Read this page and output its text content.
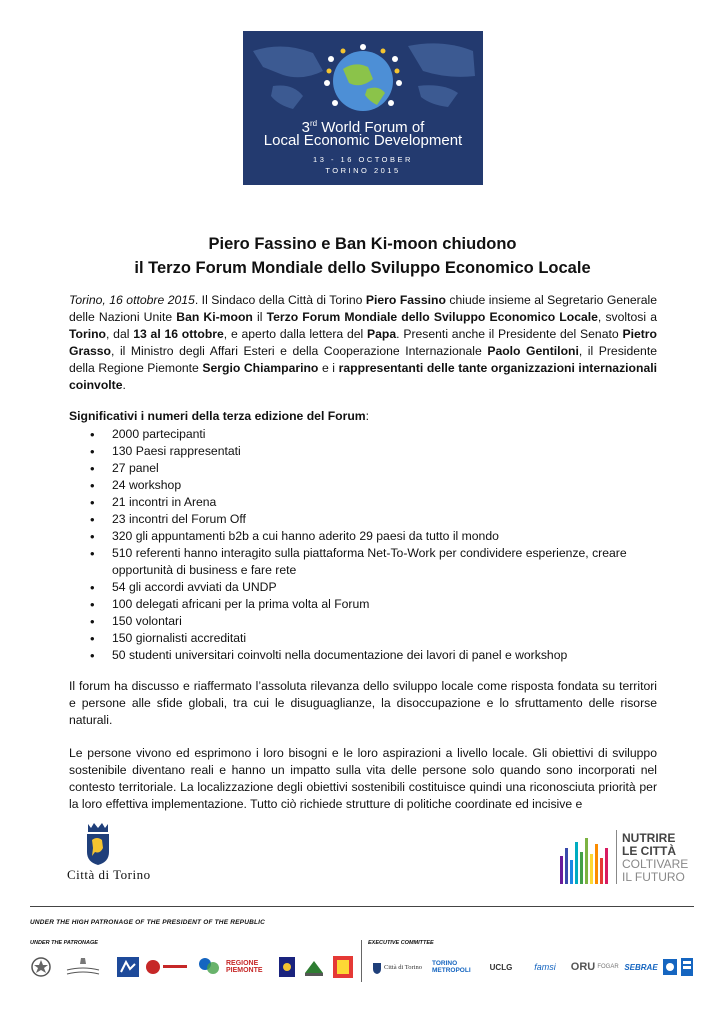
3rd World Forum of
Local Economic Development
13 - 16 OCTOBER
TORINO 2015
Piero Fassino e Ban Ki-moon chiudono
il Terzo Forum Mondiale dello Sviluppo Economico Locale
Torino, 16 ottobre 2015. Il Sindaco della Città di Torino Piero Fassino chiude insieme al Segretario Generale delle Nazioni Unite Ban Ki-moon il Terzo Forum Mondiale dello Sviluppo Economico Locale, svoltosi a Torino, dal 13 al 16 ottobre, e aperto dalla lettera del Papa. Presenti anche il Presidente del Senato Pietro Grasso, il Ministro degli Affari Esteri e della Cooperazione Internazionale Paolo Gentiloni, il Presidente della Regione Piemonte Sergio Chiamparino e i rappresentanti delle tante organizzazioni internazionali coinvolte.
Significativi i numeri della terza edizione del Forum:
• 2000 partecipanti
• 130 Paesi rappresentati
• 27 panel
• 24 workshop
• 21 incontri in Arena
• 23 incontri del Forum Off
• 320 gli appuntamenti b2b a cui hanno aderito 29 paesi da tutto il mondo
• 510 referenti hanno interagito sulla piattaforma Net-To-Work per condividere esperienze, creare opportunità di business e fare rete
• 54 gli accordi avviati da UNDP
• 100 delegati africani per la prima volta al Forum
• 150 volontari
• 150 giornalisti accreditati
• 50 studenti universitari coinvolti nella documentazione dei lavori di panel e workshop
Il forum ha discusso e riaffermato l’assoluta rilevanza dello sviluppo locale come risposta fondata su territori e persone alle sfide globali, tra cui le disuguaglianze, la disoccupazione e lo sfruttamento delle risorse naturali.
Le persone vivono ed esprimono i loro bisogni e le loro aspirazioni a livello locale. Gli obiettivi di sviluppo sostenibile diventano reali e hanno un impatto sulla vita delle persone solo quando sono incorporati nel contesto territoriale. La localizzazione degli obiettivi sostenibili costituisce quindi una riconosciuta priorità per la loro effettiva implementazione. Tutto ciò richiede strutture di politiche coordinate ed incisive e
Città di Torino
NUTRIRE
LE CITTÀ
COLTIVARE
IL FUTURO
UNDER THE HIGH PATRONAGE OF THE PRESIDENT OF THE REPUBLIC
UNDER THE PATRONAGE	EXECUTIVE COMMITTEE
REGIONE PIEMONTE	Città di Torino TORINO METROPOLI	UCLG famsi ORU FOGAR SEBRAE
